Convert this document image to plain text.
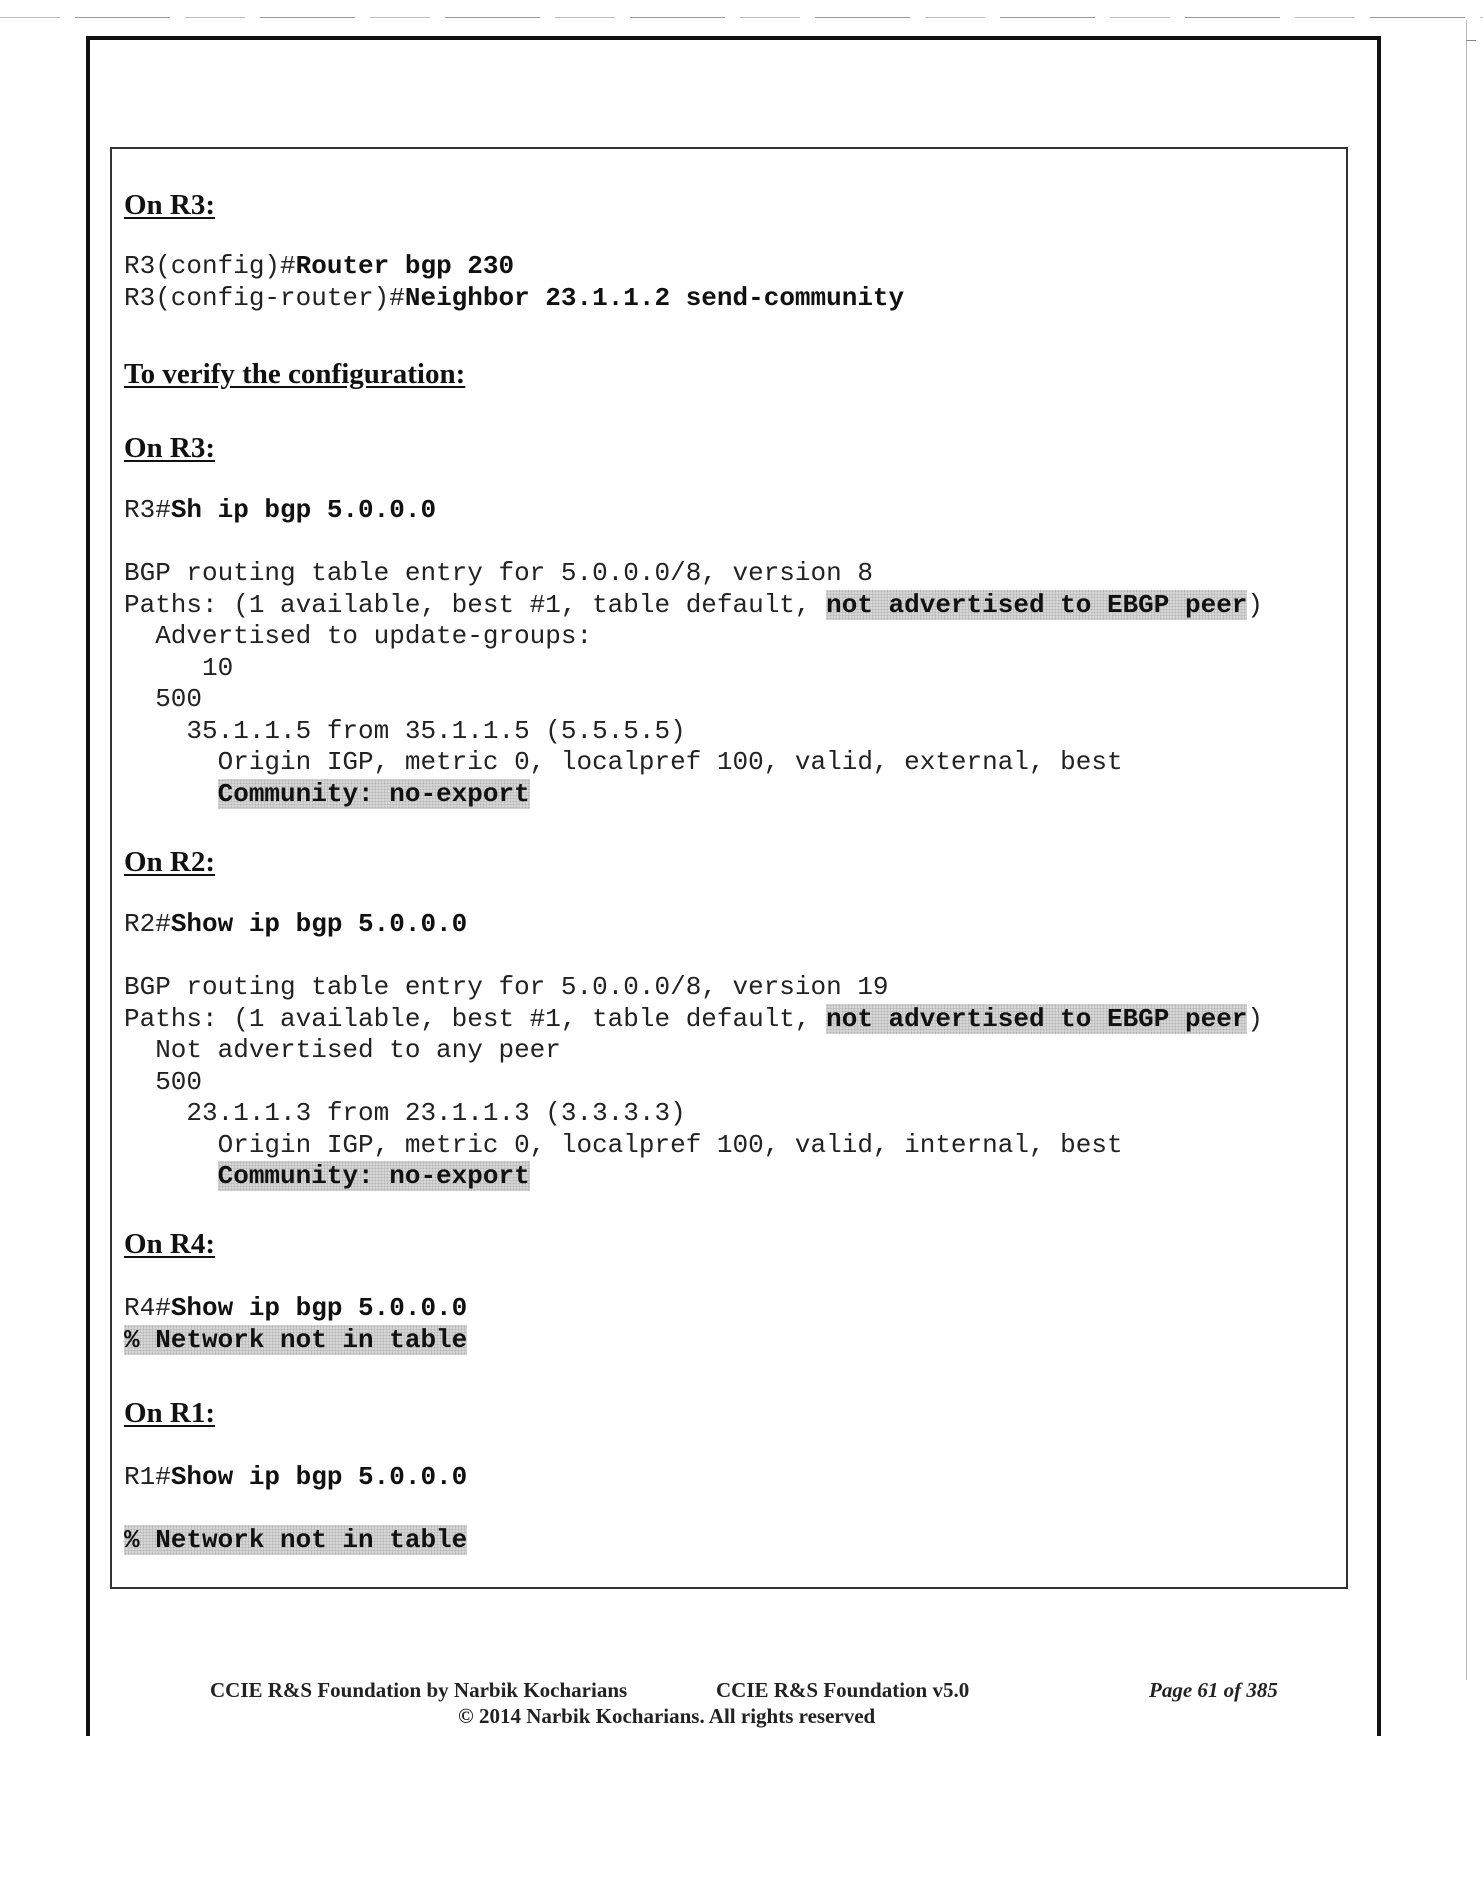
On R3:

R3(config)#Router bgp 230
R3(config-router)#Neighbor 23.1.1.2 send-community

To verify the configuration:

On R3:

R3#Sh ip bgp 5.0.0.0
BGP routing table entry for 5.0.0.0/8, version 8
Paths: (1 available, best #1, table default, not advertised to EBGP peer)
Advertised to update-groups:
10
500
35.1.1.5 from 35.1.1.5 (5.5.5.5)
Origin IGP, metric 0, localpref 100, valid, external, best
Community: no-export

On R2:

R2#Show ip bgp 5.0.0.0
BGP routing table entry for 5.0.0.0/8, version 19
Paths: (1 available, best #1, table default, not advertised to EBGP peer)
Not advertised to any peer
500
23.1.1.3 from 23.1.1.3 (3.3.3.3)
Origin IGP, metric 0, localpref 100, valid, internal, best
Community: no-export

On R4:

R4#Show ip bgp 5.0.0.0
% Network not in table

On R1:

R1#Show ip bgp 5.0.0.0
% Network not in table
CCIE R&S Foundation by Narbik Kocharians	CCIE R&S Foundation v5.0	Page 61 of 385
© 2014 Narbik Kocharians. All rights reserved
